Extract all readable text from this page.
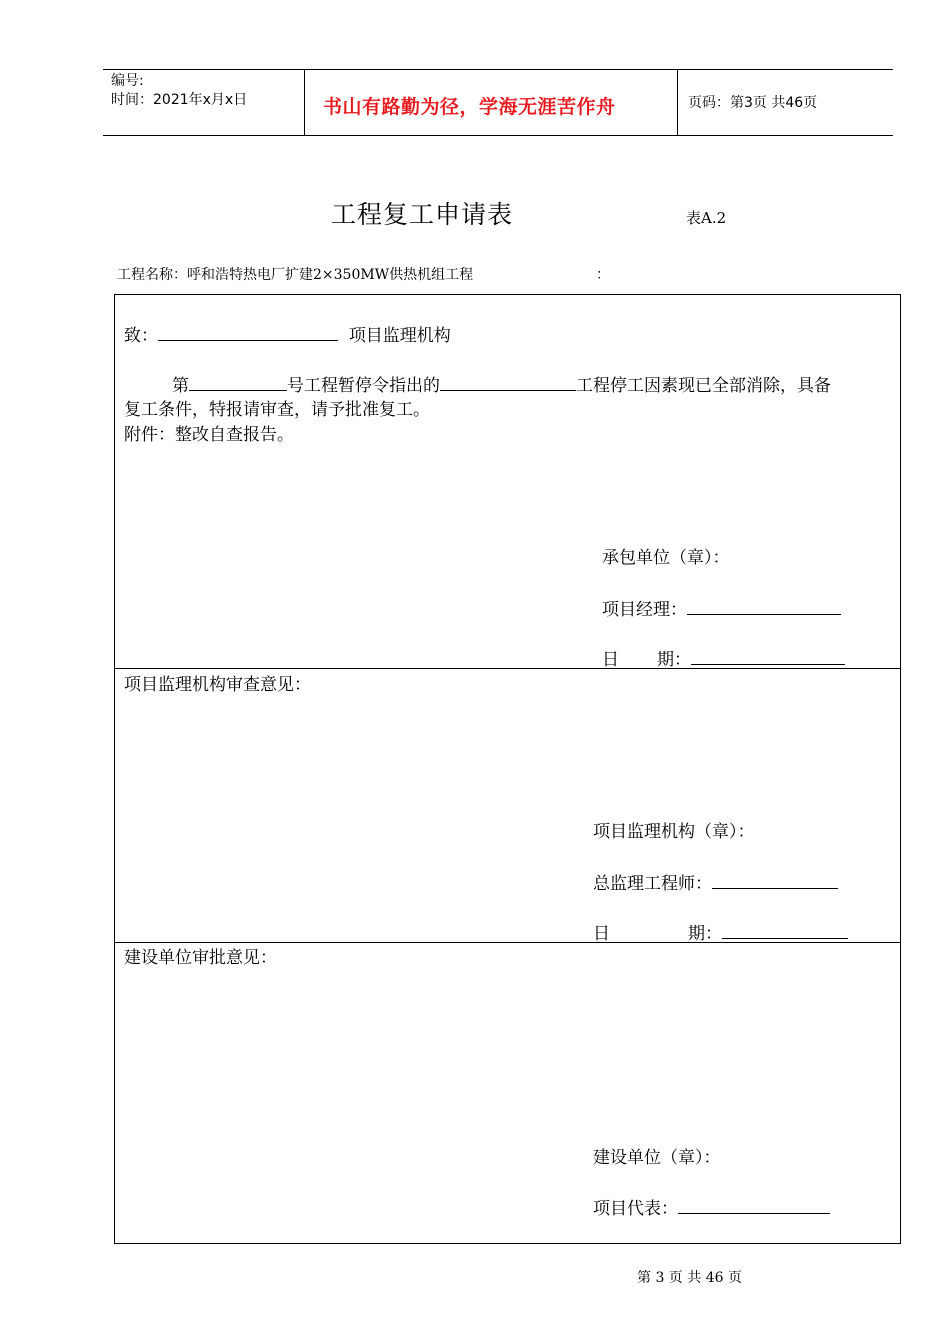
编号:
时间：2021年x月x日	书山有路勤为径，学海无涯苦作舟	页码：第3页 共46页
工程复工申请表	表A.2
工程名称：呼和浩特热电厂扩建2×350MW供热机组工程	：
致：	项目监理机构
第	号工程暂停令指出的	工程停工因素现已全部消除，具备
复工条件，特报请审查，请予批准复工。
附件：整改自查报告。
承包单位（章）：
项目经理：
日 期：
项目监理机构审查意见：
项目监理机构（章）：
总监理工程师：
日	期：
建设单位审批意见：
建设单位（章）：
项目代表：
第 3 页 共 46 页
